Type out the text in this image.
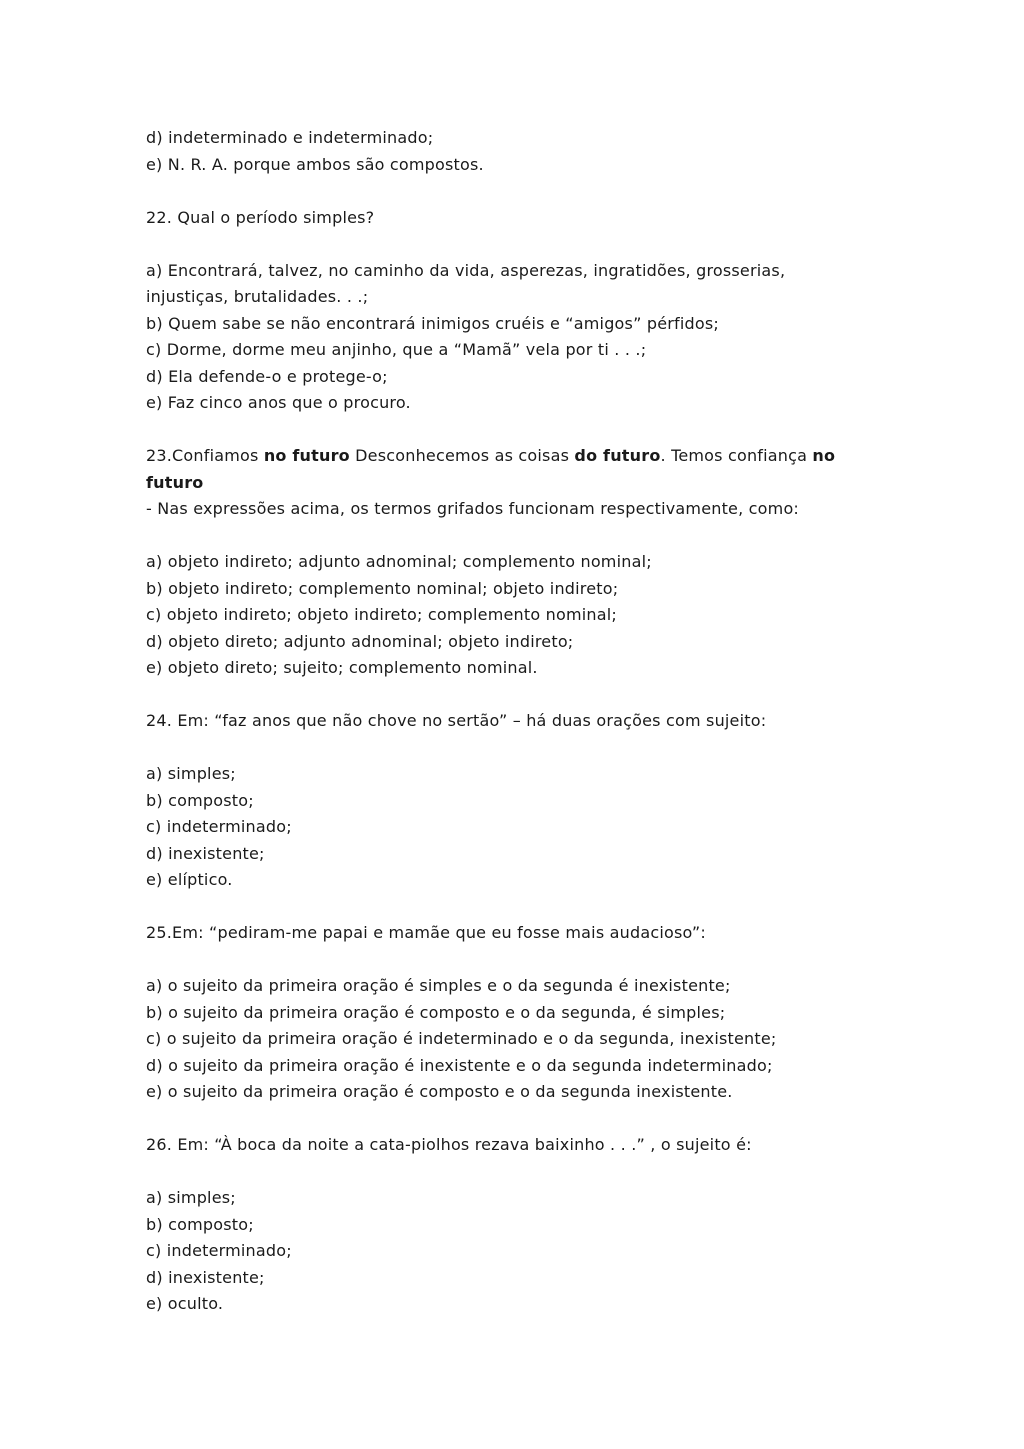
d) indeterminado e indeterminado;

e) N. R. A. porque ambos são compostos.

22. Qual o período simples?

a) Encontrará, talvez, no caminho da vida, asperezas, ingratidões, grosserias,

injustiças, brutalidades. . .;

b) Quem sabe se não encontrará inimigos cruéis e “amigos” pérfidos;

c) Dorme, dorme meu anjinho, que a “Mamã” vela por ti . . .;

d) Ela defende-o e protege-o;

e) Faz cinco anos que o procuro.

23.Confiamos no futuro Desconhecemos as coisas do futuro. Temos confiança no

futuro

- Nas expressões acima, os termos grifados funcionam respectivamente, como:

a) objeto indireto; adjunto adnominal; complemento nominal;

b) objeto indireto; complemento nominal; objeto indireto;

c) objeto indireto; objeto indireto; complemento nominal;

d) objeto direto; adjunto adnominal; objeto indireto;

e) objeto direto; sujeito; complemento nominal.

24. Em: “faz anos que não chove no sertão” – há duas orações com sujeito:

a) simples;

b) composto;

c) indeterminado;

d) inexistente;

e) elíptico.

25.Em: “pediram-me papai e mamãe que eu fosse mais audacioso”:

a) o sujeito da primeira oração é simples e o da segunda é inexistente;

b) o sujeito da primeira oração é composto e o da segunda, é simples;

c) o sujeito da primeira oração é indeterminado e o da segunda, inexistente;

d) o sujeito da primeira oração é inexistente e o da segunda indeterminado;

e) o sujeito da primeira oração é composto e o da segunda inexistente.

26. Em: “À boca da noite a cata-piolhos rezava baixinho . . .” , o sujeito é:

a) simples;

b) composto;

c) indeterminado;

d) inexistente;

e) oculto.
